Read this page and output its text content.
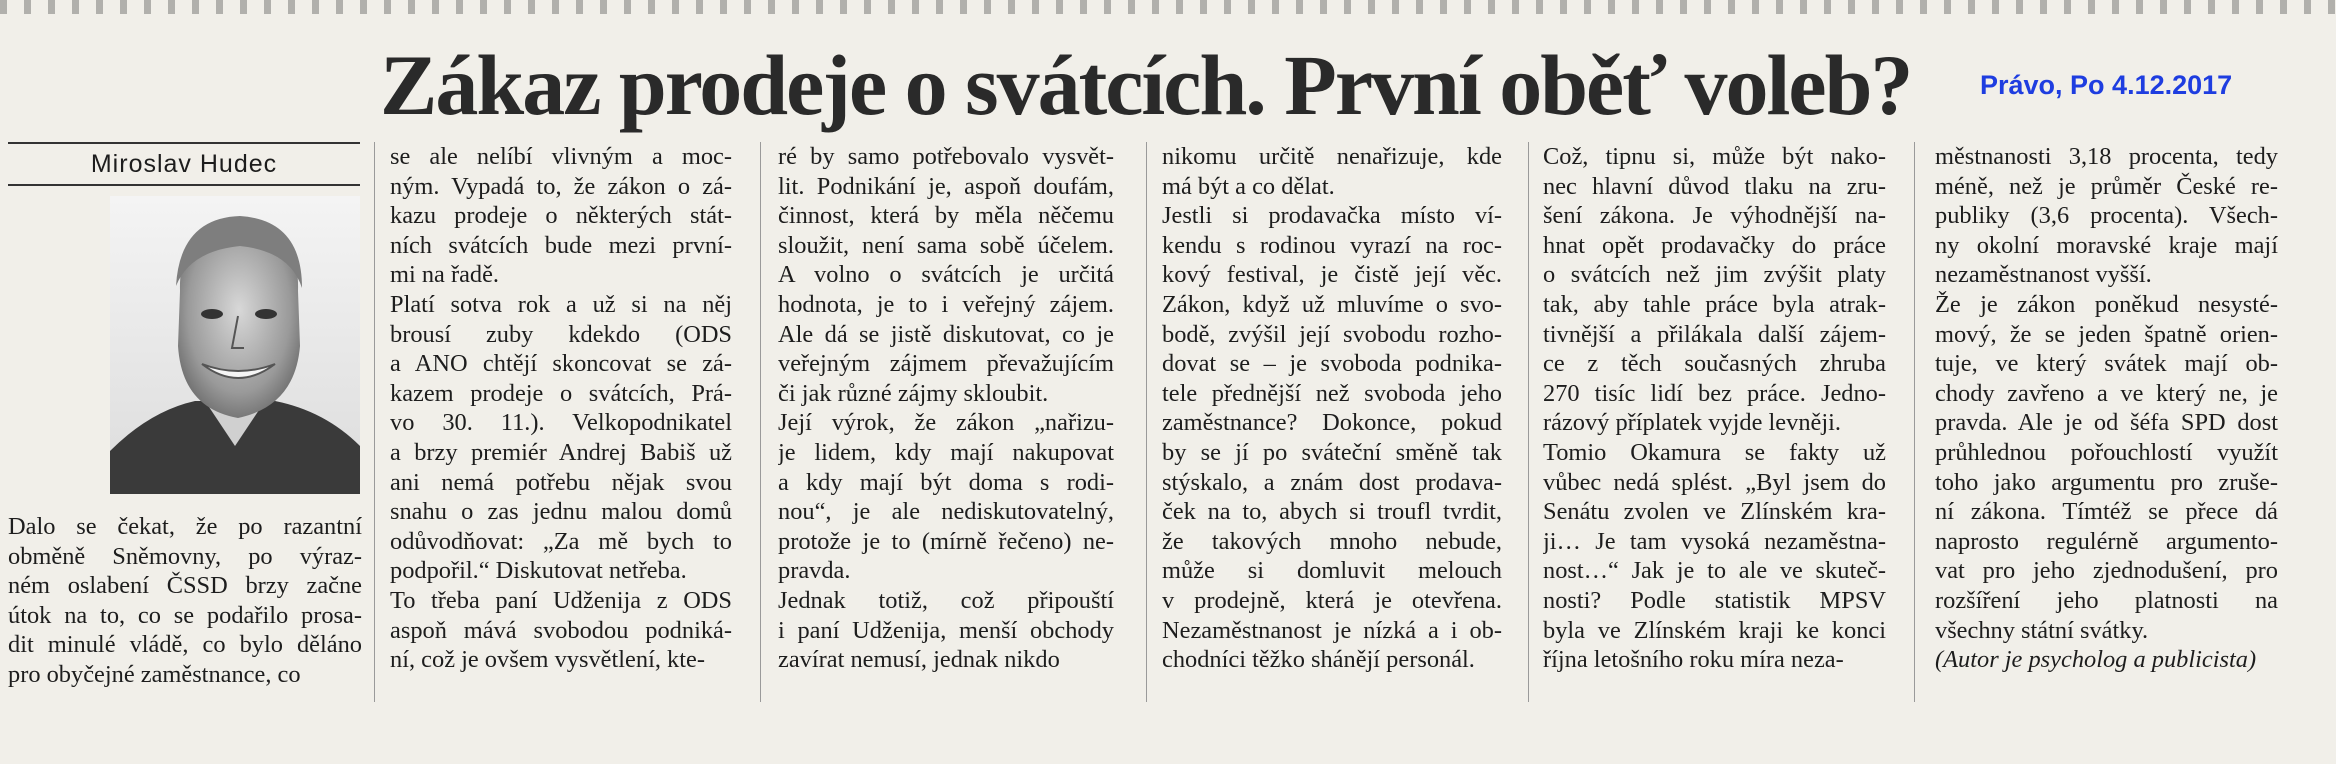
Zákaz prodeje o svátcích. První oběť voleb?	Právo, Po 4.12.2017
Miroslav Hudec
Dalo se čekat, že po razantní
obměně Sněmovny, po výraz-
ném oslabení ČSSD brzy začne
útok na to, co se podařilo prosa-
dit minulé vládě, co bylo děláno
pro obyčejné zaměstnance, co
se ale nelíbí vlivným a moc-
ným. Vypadá to, že zákon o zá-
kazu prodeje o některých stát-
ních svátcích bude mezi první-
mi na řadě.
Platí sotva rok a už si na něj
brousí zuby kdekdo (ODS
a ANO chtějí skoncovat se zá-
kazem prodeje o svátcích, Prá-
vo 30. 11.). Velkopodnikatel
a brzy premiér Andrej Babiš už
ani nemá potřebu nějak svou
snahu o zas jednu malou domů
odůvodňovat: „Za mě bych to
podpořil.“ Diskutovat netřeba.
To třeba paní Udženija z ODS
aspoň mává svobodou podniká-
ní, což je ovšem vysvětlení, kte-
ré by samo potřebovalo vysvět-
lit. Podnikání je, aspoň doufám,
činnost, která by měla něčemu
sloužit, není sama sobě účelem.
A volno o svátcích je určitá
hodnota, je to i veřejný zájem.
Ale dá se jistě diskutovat, co je
veřejným zájmem převažujícím
či jak různé zájmy skloubit.
Její výrok, že zákon „nařizu-
je lidem, kdy mají nakupovat
a kdy mají být doma s rodi-
nou“, je ale nediskutovatelný,
protože je to (mírně řečeno) ne-
pravda.
Jednak totiž, což připouští
i paní Udženija, menší obchody
zavírat nemusí, jednak nikdo
nikomu určitě nenařizuje, kde
má být a co dělat.
Jestli si prodavačka místo ví-
kendu s rodinou vyrazí na roc-
kový festival, je čistě její věc.
Zákon, když už mluvíme o svo-
bodě, zvýšil její svobodu rozho-
dovat se – je svoboda podnika-
tele přednější než svoboda jeho
zaměstnance? Dokonce, pokud
by se jí po sváteční směně tak
stýskalo, a znám dost prodava-
ček na to, abych si troufl tvrdit,
že takových mnoho nebude,
může si domluvit melouch
v prodejně, která je otevřena.
Nezaměstnanost je nízká a i ob-
chodníci těžko shánějí personál.
Což, tipnu si, může být nako-
nec hlavní důvod tlaku na zru-
šení zákona. Je výhodnější na-
hnat opět prodavačky do práce
o svátcích než jim zvýšit platy
tak, aby tahle práce byla atrak-
tivnější a přilákala další zájem-
ce z těch současných zhruba
270 tisíc lidí bez práce. Jedno-
rázový příplatek vyjde levněji.
Tomio Okamura se fakty už
vůbec nedá splést. „Byl jsem do
Senátu zvolen ve Zlínském kra-
ji… Je tam vysoká nezaměstna-
nost…“ Jak je to ale ve skuteč-
nosti? Podle statistik MPSV
byla ve Zlínském kraji ke konci
října letošního roku míra neza-
městnanosti 3,18 procenta, tedy
méně, než je průměr České re-
publiky (3,6 procenta). Všech-
ny okolní moravské kraje mají
nezaměstnanost vyšší.
Že je zákon poněkud nesysté-
mový, že se jeden špatně orien-
tuje, ve který svátek mají ob-
chody zavřeno a ve který ne, je
pravda. Ale je od šéfa SPD dost
průhlednou pořouchlostí využít
toho jako argumentu pro zruše-
ní zákona. Tímtéž se přece dá
naprosto regulérně argumento-
vat pro jeho zjednodušení, pro
rozšíření jeho platnosti na
všechny státní svátky.
(Autor je psycholog a publicista)
